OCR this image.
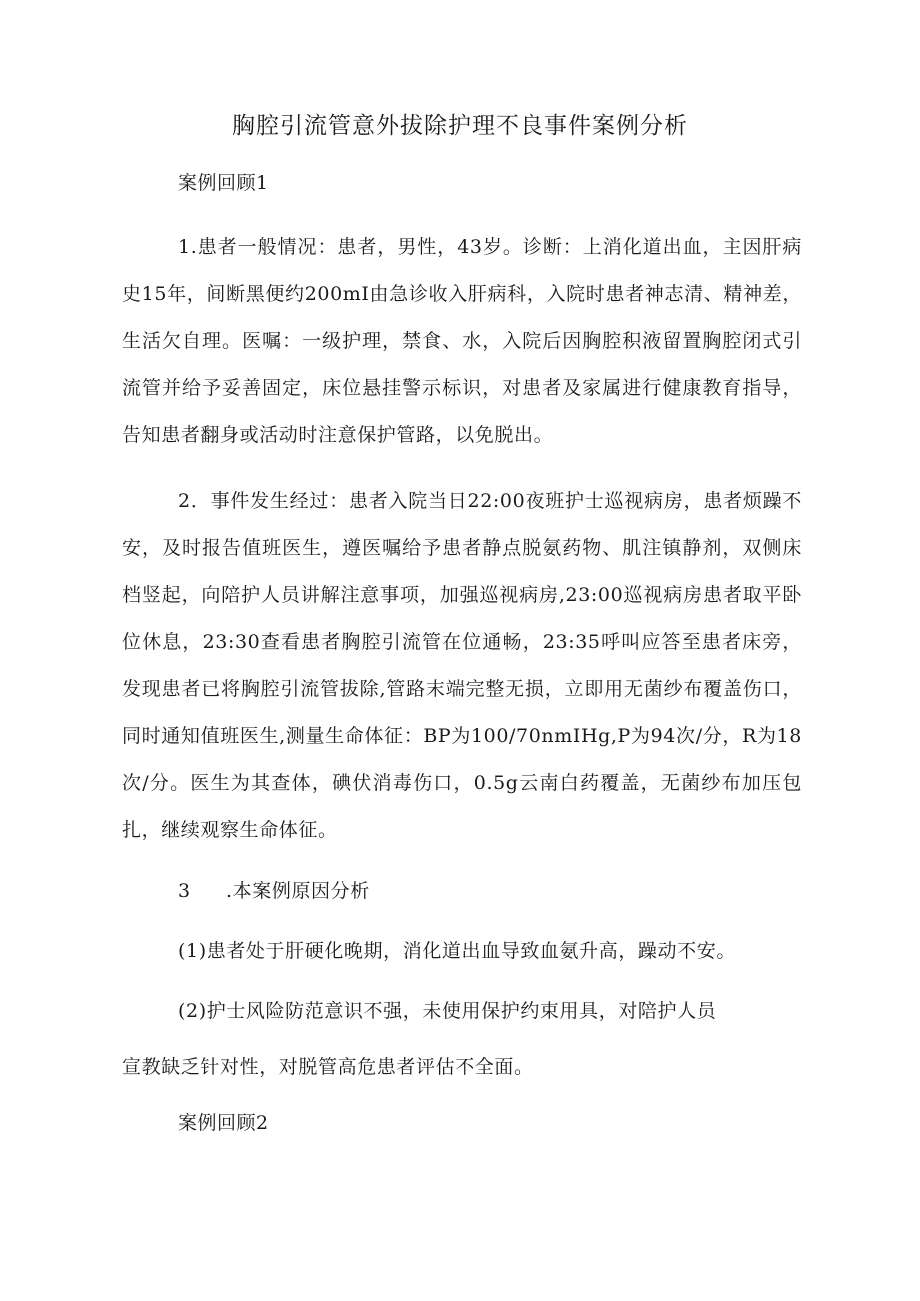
胸腔引流管意外拔除护理不良事件案例分析
案例回顾1

1.患者一般情况：患者，男性，43岁。诊断：上消化道出血，主因肝病史15年，间断黑便约200mI由急诊收入肝病科，入院时患者神志清、精神差，生活欠自理。医嘱：一级护理，禁食、水，入院后因胸腔积液留置胸腔闭式引流管并给予妥善固定，床位悬挂警示标识，对患者及家属进行健康教育指导，告知患者翻身或活动时注意保护管路，以免脱出。

2．事件发生经过：患者入院当日22:00夜班护士巡视病房，患者烦躁不安，及时报告值班医生，遵医嘱给予患者静点脱氨药物、肌注镇静剂，双侧床档竖起，向陪护人员讲解注意事项，加强巡视病房,23:00巡视病房患者取平卧位休息，23:30查看患者胸腔引流管在位通畅，23:35呼叫应答至患者床旁，发现患者已将胸腔引流管拔除,管路末端完整无损，立即用无菌纱布覆盖伤口，同时通知值班医生,测量生命体征：BP为100/70nmIHg,P为94次/分，R为18次/分。医生为其查体，碘伏消毒伤口，0.5g云南白药覆盖，无菌纱布加压包扎，继续观察生命体征。

3 .本案例原因分析
(1)患者处于肝硬化晚期，消化道出血导致血氨升高，躁动不安。
(2)护士风险防范意识不强，未使用保护约束用具，对陪护人员
宣教缺乏针对性，对脱管高危患者评估不全面。
案例回顾2
